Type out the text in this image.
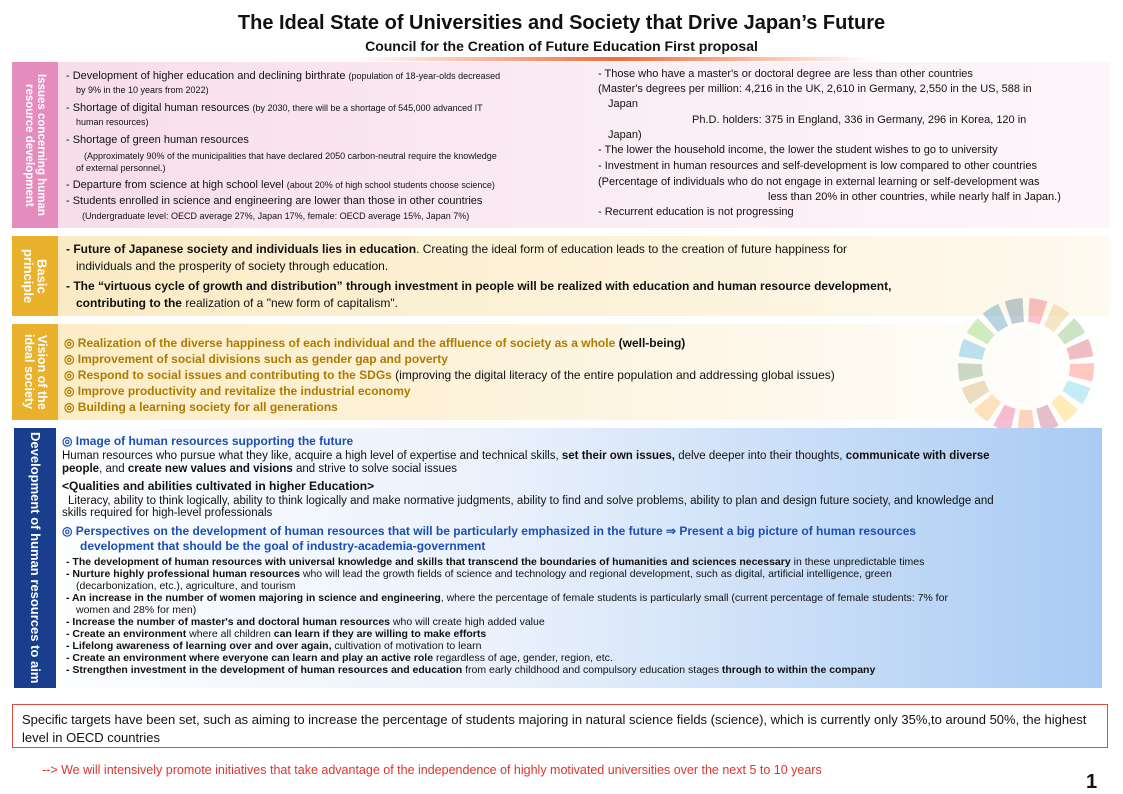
The Ideal State of Universities and Society that Drive Japan’s Future
Council for the Creation of Future Education First proposal
Issues concerning human resource development
- Development of higher education and declining birthrate (population of 18-year-olds decreased
by 9% in the 10 years from 2022)
- Shortage of digital human resources (by 2030, there will be a shortage of 545,000 advanced IT
human resources)
- Shortage of green human resources
(Approximately 90% of the municipalities that have declared 2050 carbon-neutral require the knowledge
of external personnel.)
- Departure from science at high school level (about 20% of high school students choose science)
- Students enrolled in science and engineering are lower than those in other countries
(Undergraduate level: OECD average 27%, Japan 17%, female: OECD average 15%, Japan 7%)
- Those who have a master's or doctoral degree are less than other countries
(Master's degrees per million: 4,216 in the UK, 2,610 in Germany, 2,550 in the US, 588 in
Japan
Ph.D. holders: 375 in England, 336 in Germany, 296 in Korea, 120 in
Japan)
- The lower the household income, the lower the student wishes to go to university
- Investment in human resources and self-development is low compared to other countries
(Percentage of individuals who do not engage in external learning or self-development was
less than 20% in other countries, while nearly half in Japan.)
- Recurrent education is not progressing
Basic principle	- Future of Japanese society and individuals lies in education. Creating the ideal form of education leads to the creation of future happiness for
individuals and the prosperity of society through education.
- The “virtuous cycle of growth and distribution” through investment in people will be realized with education and human resource development,
contributing to the realization of a "new form of capitalism".
Vision of the ideal society	◎ Realization of the diverse happiness of each individual and the affluence of society as a whole (well-being)
◎ Improvement of social divisions such as gender gap and poverty
◎ Respond to social issues and contributing to the SDGs (improving the digital literacy of the entire population and addressing global issues)
◎ Improve productivity and revitalize the industrial economy
◎ Building a learning society for all generations
Development of human resources to aim	◎ Image of human resources supporting the future
Human resources who pursue what they like, acquire a high level of expertise and technical skills, set their own issues, delve deeper into their thoughts, communicate with diverse
people, and create new values and visions and strive to solve social issues
<Qualities and abilities cultivated in higher Education>
Literacy, ability to think logically, ability to think logically and make normative judgments, ability to find and solve problems, ability to plan and design future society, and knowledge and
skills required for high-level professionals
◎ Perspectives on the development of human resources that will be particularly emphasized in the future ⇒ Present a big picture of human resources
development that should be the goal of industry-academia-government
- The development of human resources with universal knowledge and skills that transcend the boundaries of humanities and sciences necessary in these unpredictable times
- Nurture highly professional human resources who will lead the growth fields of science and technology and regional development, such as digital, artificial intelligence, green
(decarbonization, etc.), agriculture, and tourism
- An increase in the number of women majoring in science and engineering, where the percentage of female students is particularly small (current percentage of female students: 7% for
women and 28% for men)
- Increase the number of master's and doctoral human resources who will create high added value
- Create an environment where all children can learn if they are willing to make efforts
- Lifelong awareness of learning over and over again, cultivation of motivation to learn
- Create an environment where everyone can learn and play an active role regardless of age, gender, region, etc.
- Strengthen investment in the development of human resources and education from early childhood and compulsory education stages through to within the company
Specific targets have been set, such as aiming to increase the percentage of students majoring in natural science fields (science), which is currently only 35%,to around 50%, the highest level in OECD countries
--> We will intensively promote initiatives that take advantage of the independence of highly motivated universities over the next 5 to 10 years
1
